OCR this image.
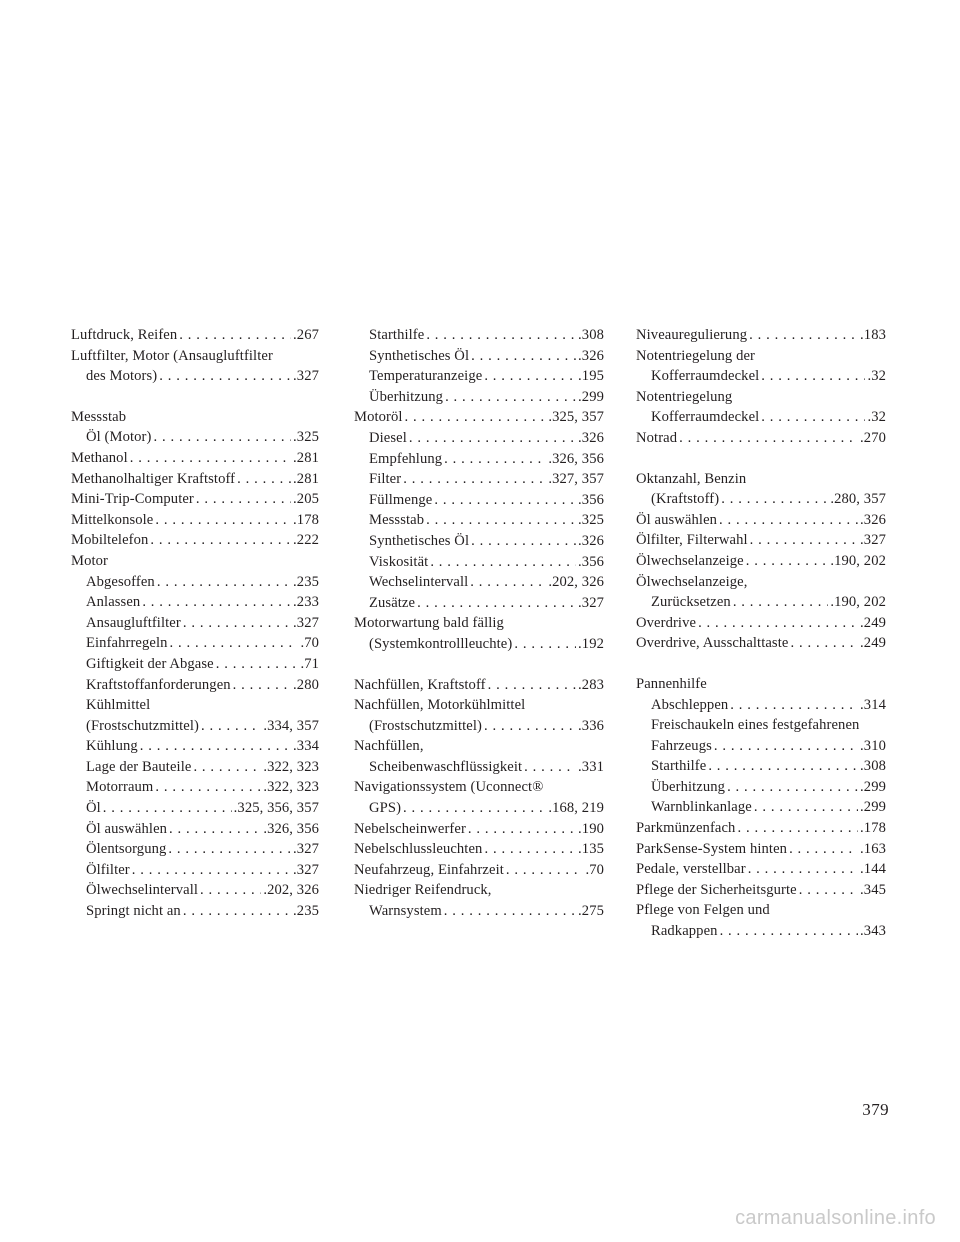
Luftdruck, Reifen . . .	.267
Luftfilter, Motor (Ansaugluftfilter
des Motors) . . .	.327
Messstab
Öl (Motor) . . .	.325
Methanol . . .	.281
Methanolhaltiger Kraftstoff . . .	.281
Mini-Trip-Computer . . .	.205
Mittelkonsole . . .	.178
Mobiltelefon . . .	.222
Motor
Abgesoffen . . .	.235
Anlassen . . .	.233
Ansaugluftfilter . . .	.327
Einfahrregeln . . .	.70
Giftigkeit der Abgase . . .	.71
Kraftstoffanforderungen . . .	.280
Kühlmittel
(Frostschutzmittel) . . .	.334, 357
Kühlung . . .	.334
Lage der Bauteile . . .	.322, 323
Motorraum . . .	.322, 323
Öl . . .	.325, 356, 357
Öl auswählen . . .	.326, 356
Ölentsorgung . . .	.327
Ölfilter . . .	.327
Ölwechselintervall . . .	.202, 326
Springt nicht an . . .	.235
Starthilfe . . .	.308
Synthetisches Öl . . .	.326
Temperaturanzeige . . .	.195
Überhitzung . . .	.299
Motoröl . . .	.325, 357
Diesel . . .	.326
Empfehlung . . .	.326, 356
Filter . . .	.327, 357
Füllmenge . . .	.356
Messstab . . .	.325
Synthetisches Öl . . .	.326
Viskosität . . .	.356
Wechselintervall . . .	.202, 326
Zusätze . . .	.327
Motorwartung bald fällig
(Systemkontrollleuchte) . . .	.192
Nachfüllen, Kraftstoff . . .	.283
Nachfüllen, Motorkühlmittel
(Frostschutzmittel) . . .	.336
Nachfüllen,
Scheibenwaschflüssigkeit . . .	.331
Navigationssystem (Uconnect®
GPS) . . .	.168, 219
Nebelscheinwerfer . . .	.190
Nebelschlussleuchten . . .	.135
Neufahrzeug, Einfahrzeit . . .	.70
Niedriger Reifendruck,
Warnsystem . . .	.275
Niveauregulierung . . .	.183
Notentriegelung der
Kofferraumdeckel . . .	.32
Notentriegelung
Kofferraumdeckel . . .	.32
Notrad . . .	.270
Oktanzahl, Benzin
(Kraftstoff) . . .	.280, 357
Öl auswählen . . .	.326
Ölfilter, Filterwahl . . .	.327
Ölwechselanzeige . . .	.190, 202
Ölwechselanzeige,
Zurücksetzen . . .	.190, 202
Overdrive . . .	.249
Overdrive, Ausschalttaste . . .	.249
Pannenhilfe
Abschleppen . . .	.314
Freischaukeln eines festgefahrenen
Fahrzeugs . . .	.310
Starthilfe . . .	.308
Überhitzung . . .	.299
Warnblinkanlage . . .	.299
Parkmünzenfach . . .	.178
ParkSense-System hinten . . .	.163
Pedale, verstellbar . . .	.144
Pflege der Sicherheitsgurte . . .	.345
Pflege von Felgen und
Radkappen . . .	.343
379
carmanualsonline.info
